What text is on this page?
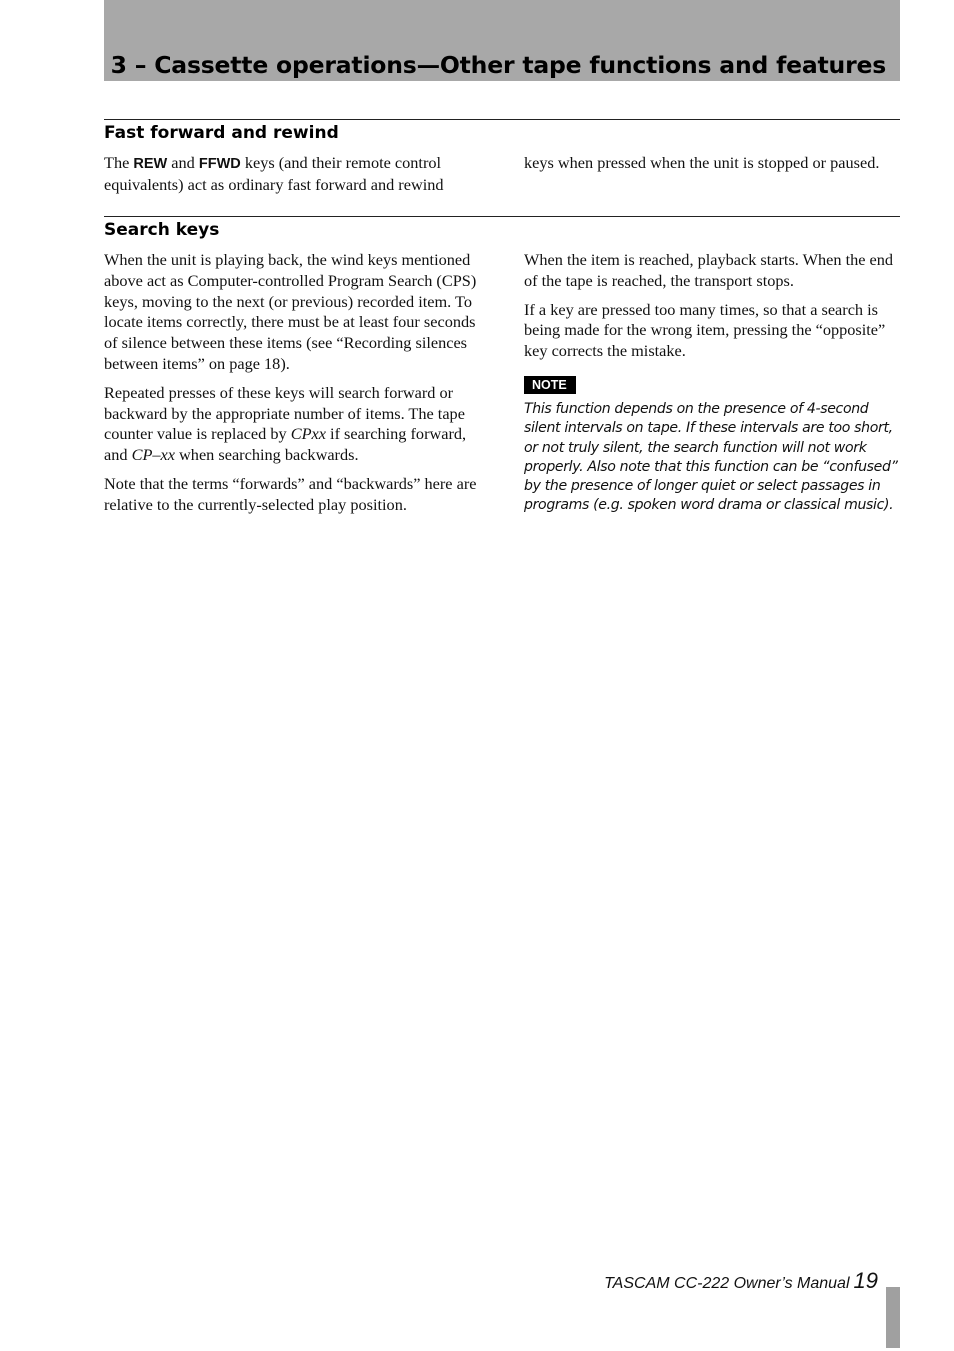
3 – Cassette operations—Other tape functions and features
Fast forward and rewind

The REW and FFWD keys (and their remote control equivalents) act as ordinary fast forward and rewind

keys when pressed when the unit is stopped or paused.

Search keys

When the unit is playing back, the wind keys mentioned above act as Computer-controlled Program Search (CPS) keys, moving to the next (or previous) recorded item. To locate items correctly, there must be at least four seconds of silence between these items (see “Recording silences between items” on page 18).

Repeated presses of these keys will search forward or backward by the appropriate number of items. The tape counter value is replaced by CPxx if searching forward, and CP–xx when searching backwards.

Note that the terms “forwards” and “backwards” here are relative to the currently-selected play position.

When the item is reached, playback starts. When the end of the tape is reached, the transport stops.

If a key are pressed too many times, so that a search is being made for the wrong item, pressing the “opposite” key corrects the mistake.

NOTE

This function depends on the presence of 4-second silent intervals on tape. If these intervals are too short, or not truly silent, the search function will not work properly. Also note that this function can be “confused” by the presence of longer quiet or select passages in programs (e.g. spoken word drama or classical music).

TASCAM CC-222 Owner’s Manual 19
